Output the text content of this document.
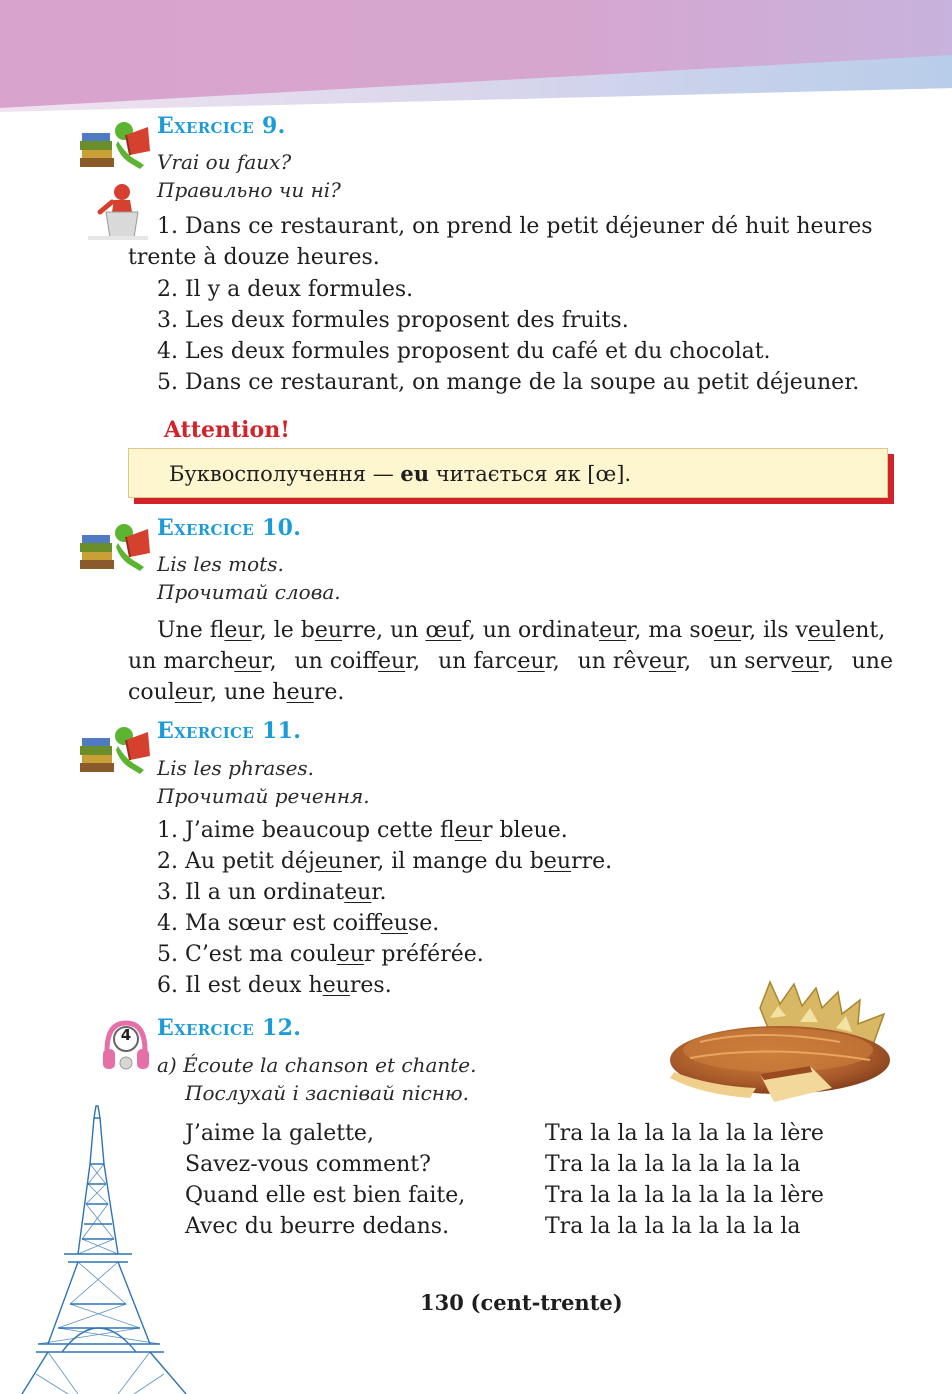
Exercice 9.
Vrai ou faux?
Правильно чи ні?
1. Dans ce restaurant, on prend le petit déjeuner dé huit heures
trente à douze heures.
2. Il y a deux formules.
3. Les deux formules proposent des fruits.
4. Les deux formules proposent du café et du chocolat.
5. Dans ce restaurant, on mange de la soupe au petit déjeuner.
Attention!
Буквосполучення — eu читається як [œ].
Exercice 10.
Lis les mots.
Прочитай слова.
Une fleur, le beurre, un œuf, un ordinateur, ma soeur, ils veulent,
un marcheur, un coiffeur, un farceur, un rêveur, un serveur, une
couleur, une heure.
Exercice 11.
Lis les phrases.
Прочитай речення.
1. J’aime beaucoup cette fleur bleue.
2. Au petit déjeuner, il mange du beurre.
3. Il a un ordinateur.
4. Ma sœur est coiffeuse.
5. C’est ma couleur préférée.
6. Il est deux heures.
4 Exercice 12.
a) Écoute la chanson et chante.
Послухай і заспівай пісню.
J’aime la galette,
Savez-vous comment?
Quand elle est bien faite,
Avec du beurre dedans.
Tra la la la la la la la lère
Tra la la la la la la la la
Tra la la la la la la la lère
Tra la la la la la la la la
130 (cent-trente)
